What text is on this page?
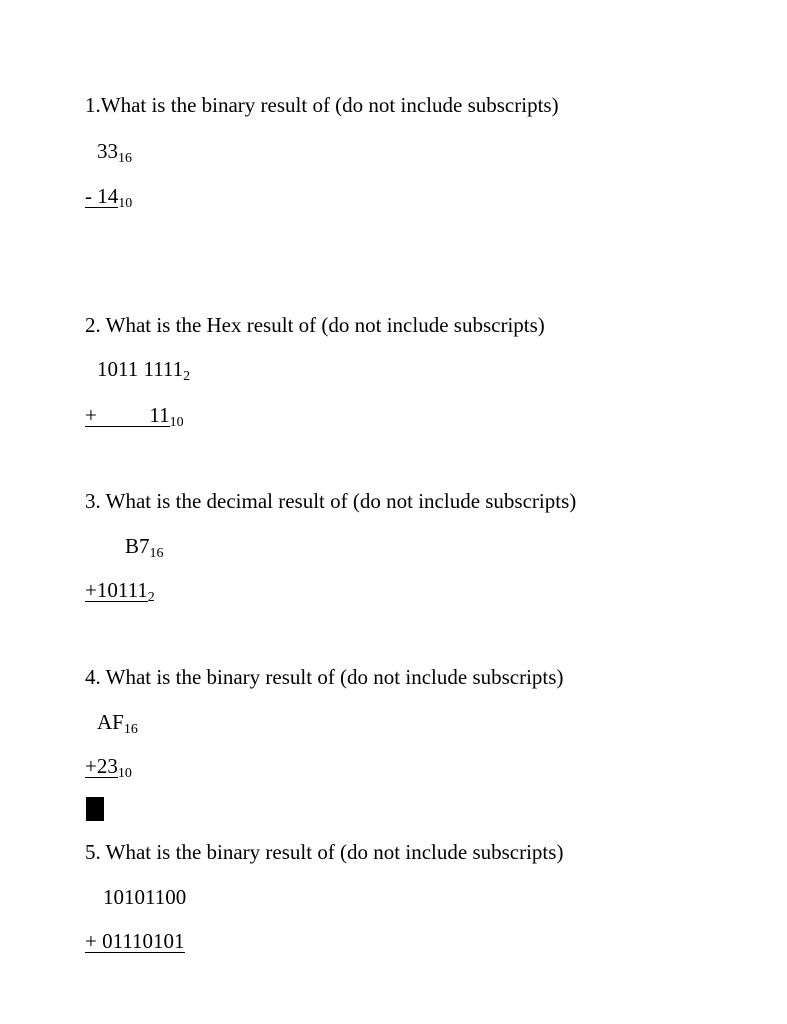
1.What is the binary result of (do not include subscripts)
3316
- 1410
2. What is the Hex result of (do not include subscripts)
1011 11112
+          1110
3. What is the decimal result of (do not include subscripts)
B716
+101112
4. What is the binary result of (do not include subscripts)
AF16
+2310
5. What is the binary result of (do not include subscripts)
10101100
+ 01110101
